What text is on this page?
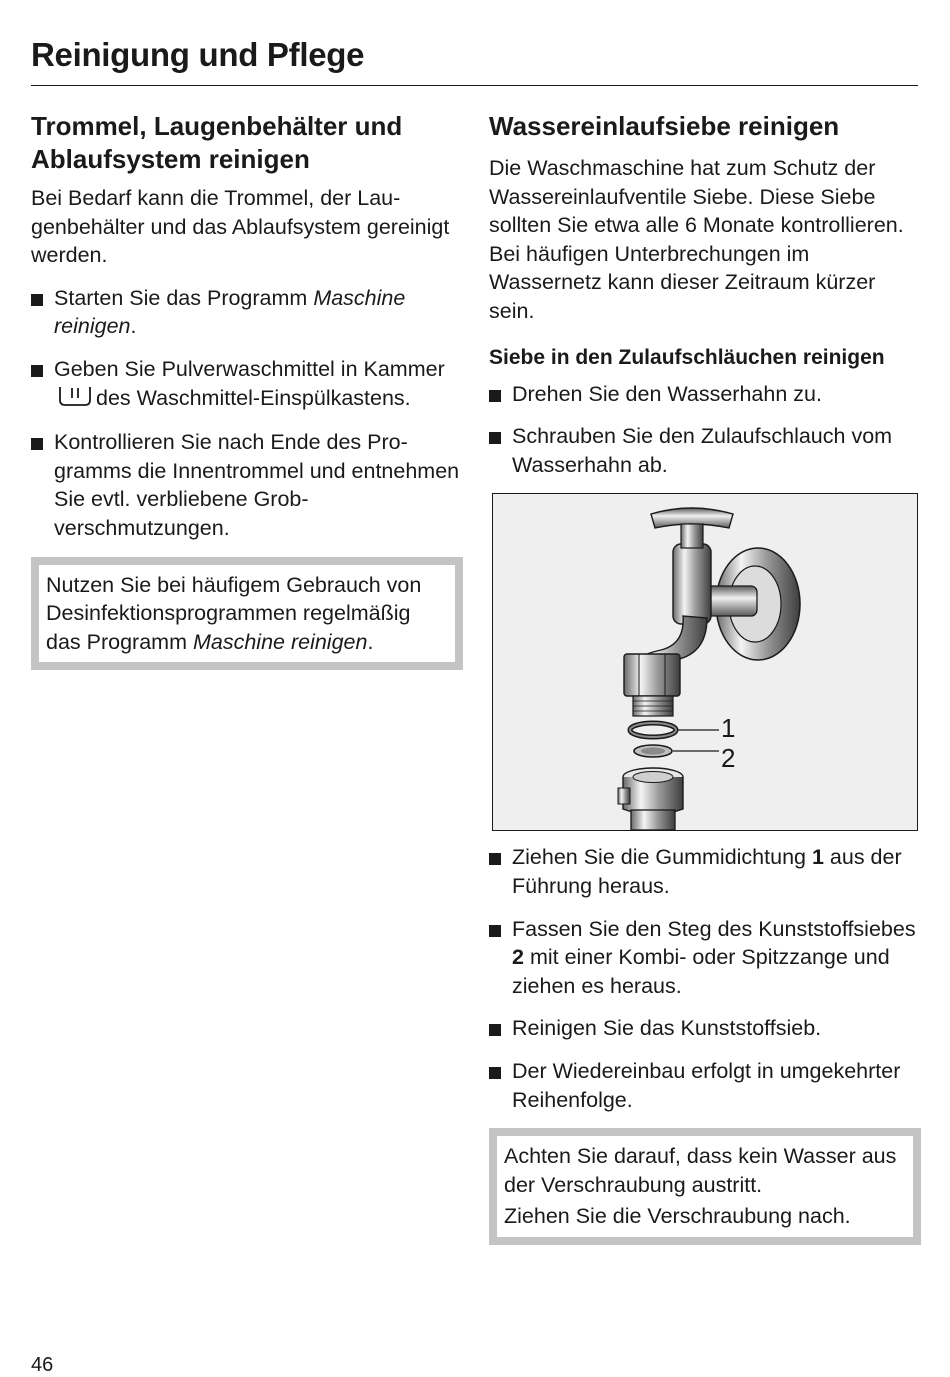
Reinigung und Pflege
Trommel, Laugenbehälter und Ablaufsystem reinigen

Bei Bedarf kann die Trommel, der Laugenbehälter und das Ablaufsystem gereinigt werden.

Starten Sie das Programm Maschine reinigen.
Geben Sie Pulverwaschmittel in Kammerdes Waschmittel-Einspülkastens.
Kontrollieren Sie nach Ende des Programms die Innentrommel und entnehmen Sie evtl. verbliebene Grobverschmutzungen.

Nutzen Sie bei häufigem Gebrauch von Desinfektionsprogrammen regelmäßig das Programm Maschine reinigen.

Wassereinlaufsiebe reinigen

Die Waschmaschine hat zum Schutz der Wassereinlaufventile Siebe. Diese Siebe sollten Sie etwa alle 6 Monate kontrollieren. Bei häufigen Unterbrechungen im Wassernetz kann dieser Zeitraum kürzer sein.

Siebe in den Zulaufschläuchen reinigen
Drehen Sie den Wasserhahn zu.
Schrauben Sie den Zulaufschlauch vom Wasserhahn ab.
1
2
Ziehen Sie die Gummidichtung 1 aus der Führung heraus.
Fassen Sie den Steg des Kunststoffsiebes 2 mit einer Kombi- oder Spitzzange und ziehen es heraus.
Reinigen Sie das Kunststoffsieb.
Der Wiedereinbau erfolgt in umgekehrter Reihenfolge.

Achten Sie darauf, dass kein Wasser aus der Verschraubung austritt.

Ziehen Sie die Verschraubung nach.

46
